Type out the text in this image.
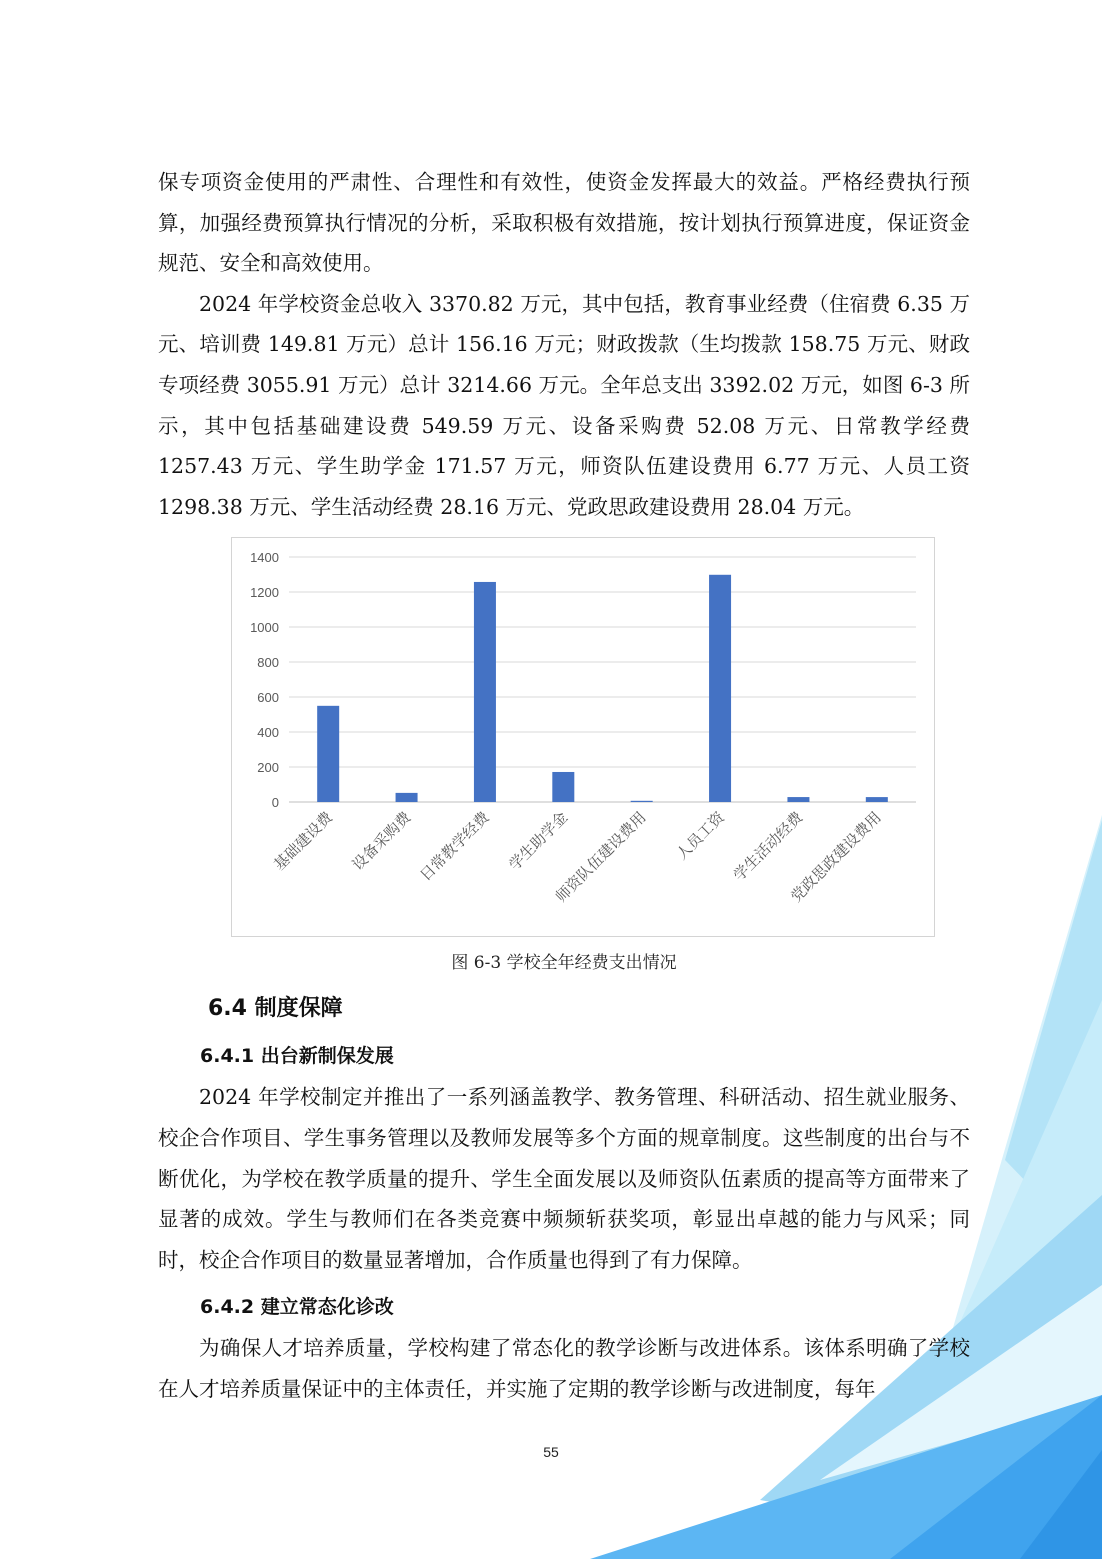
保专项资金使用的严肃性、合理性和有效性，使资金发挥最大的效益。严格经费执行预算，加强经费预算执行情况的分析，采取积极有效措施，按计划执行预算进度，保证资金规范、安全和高效使用。

2024 年学校资金总收入 3370.82 万元，其中包括，教育事业经费（住宿费 6.35 万元、培训费 149.81 万元）总计 156.16 万元；财政拨款（生均拨款 158.75 万元、财政专项经费 3055.91 万元）总计 3214.66 万元。全年总支出 3392.02 万元，如图 6-3 所示，其中包括基础建设费 549.59 万元、设备采购费 52.08 万元、日常教学经费 1257.43 万元、学生助学金 171.57 万元，师资队伍建设费用 6.77 万元、人员工资 1298.38 万元、学生活动经费 28.16 万元、党政思政建设费用 28.04 万元。

0
200
400
600
800
1000
1200
1400
基础建设费 设备采购费 日常教学经费 学生助学金
师资队伍建设费用 人员工资 学生活动经费
党政思政建设费用
图 6-3 学校全年经费支出情况
6.4 制度保障
6.4.1 出台新制保发展

2024 年学校制定并推出了一系列涵盖教学、教务管理、科研活动、招生就业服务、校企合作项目、学生事务管理以及教师发展等多个方面的规章制度。这些制度的出台与不断优化，为学校在教学质量的提升、学生全面发展以及师资队伍素质的提高等方面带来了显著的成效。学生与教师们在各类竞赛中频频斩获奖项，彰显出卓越的能力与风采；同时，校企合作项目的数量显著增加，合作质量也得到了有力保障。

6.4.2 建立常态化诊改

为确保人才培养质量，学校构建了常态化的教学诊断与改进体系。该体系明确了学校在人才培养质量保证中的主体责任，并实施了定期的教学诊断与改进制度，每年

55
